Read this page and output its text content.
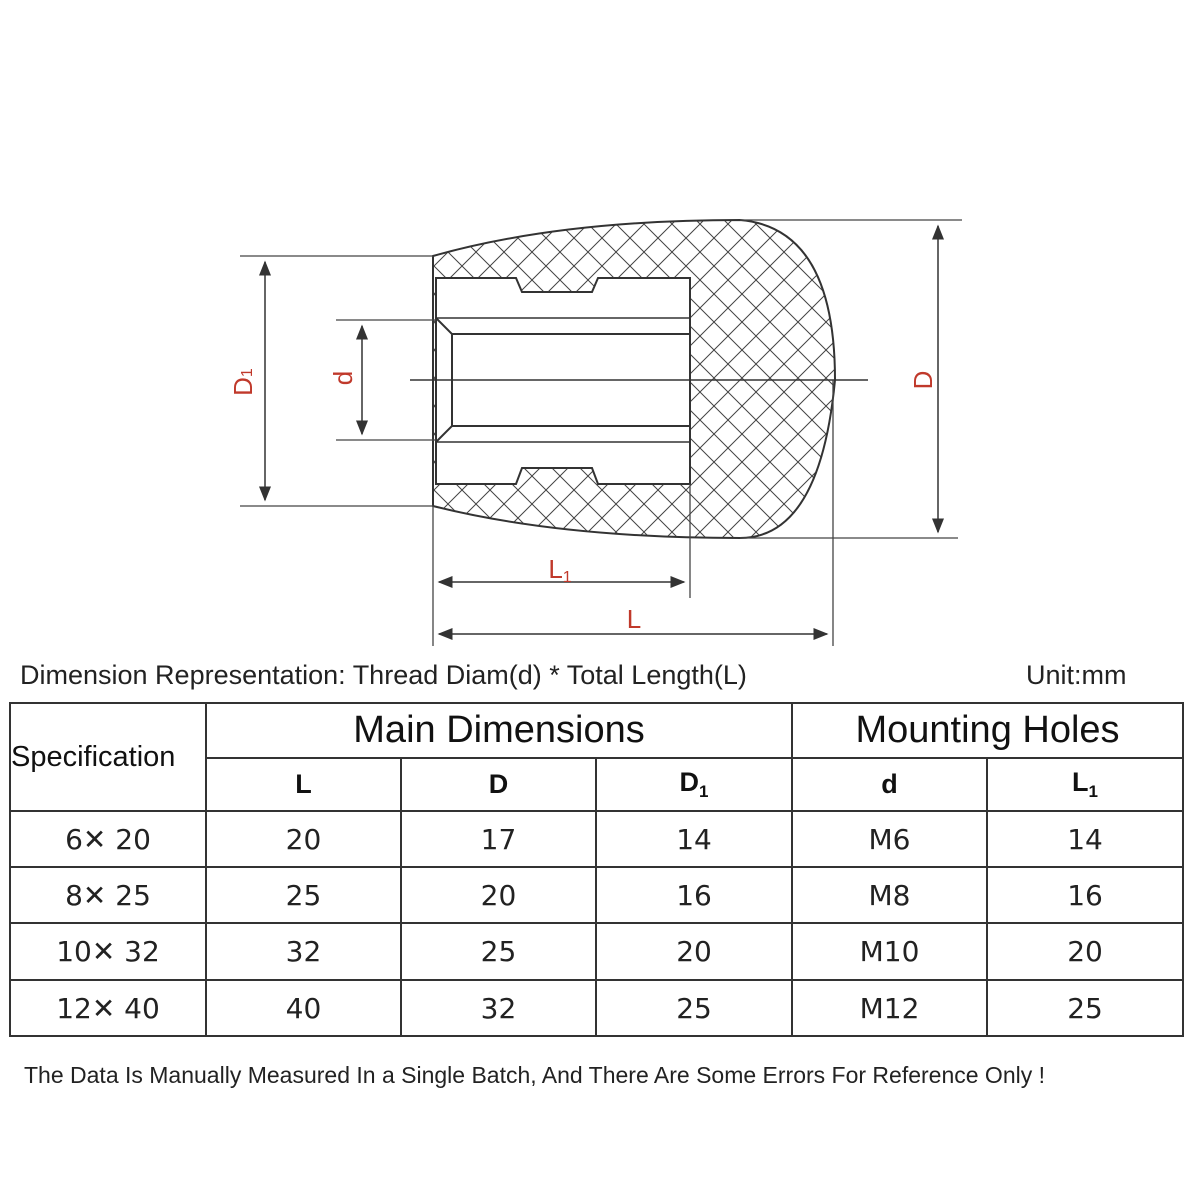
D1	d	D
L1
L
Dimension Representation: Thread Diam(d) * Total Length(L)	Unit:mm
Specification	Main Dimensions			Mounting Holes	
	L	D	$D_1$	d	$L_1$
6✕ 20	20	17	14	M6	14
8✕ 25	25	20	16	M8	16
10✕ 32	32	25	20	M10	20
12✕ 40	40	32	25	M12	25
The Data Is Manually Measured In a Single Batch, And There Are Some Errors For Reference Only !
